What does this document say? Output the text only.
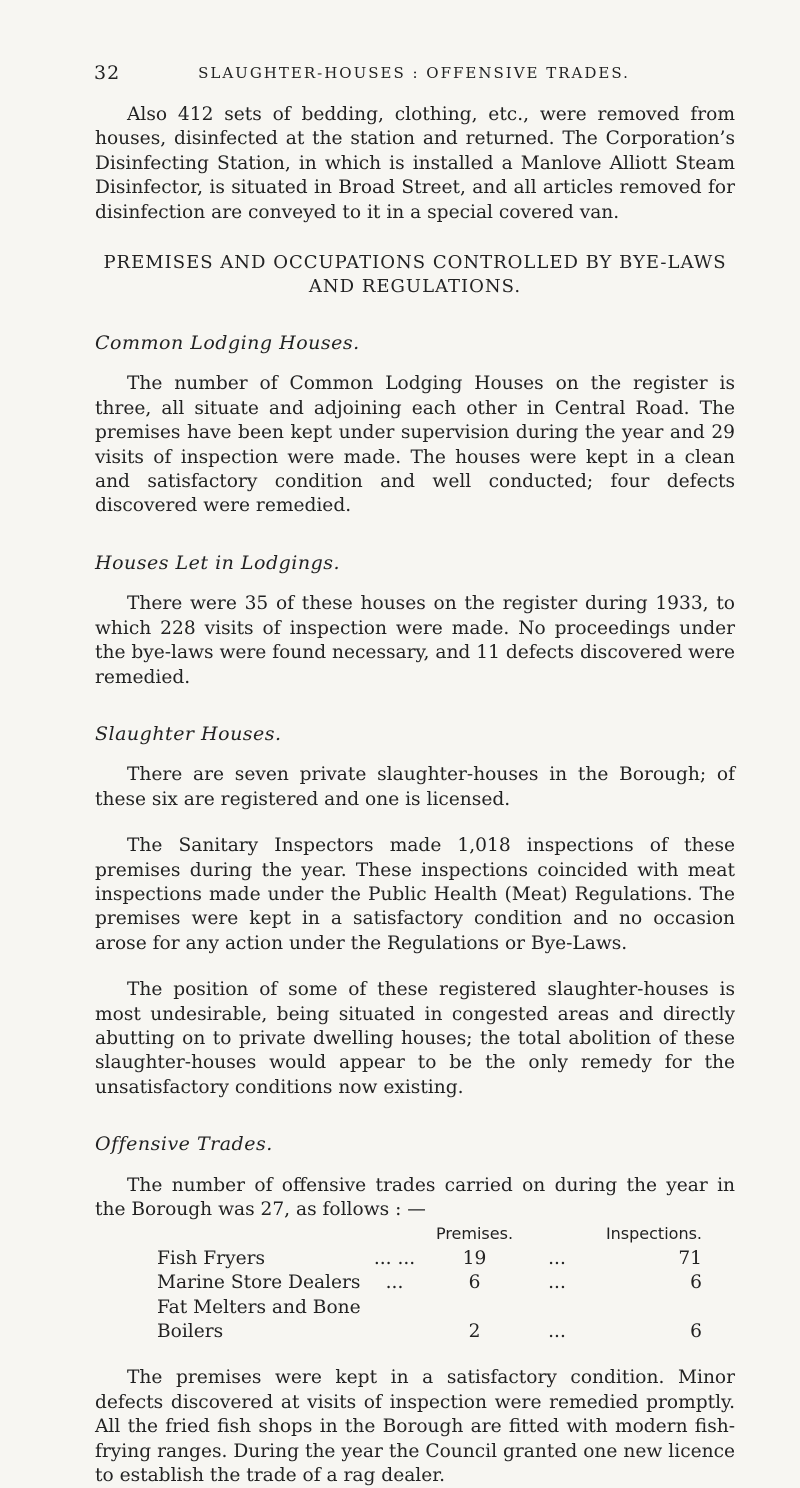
32	SLAUGHTER-HOUSES : OFFENSIVE TRADES.

Also 412 sets of bedding, clothing, etc., were removed from houses, disinfected at the station and returned. The Corporation’s Disinfecting Station, in which is installed a Manlove Alliott Steam Disinfector, is situated in Broad Street, and all articles removed for disinfection are conveyed to it in a special covered van.

PREMISES AND OCCUPATIONS CONTROLLED BY BYE-LAWS
AND REGULATIONS.
Common Lodging Houses.

The number of Common Lodging Houses on the register is three, all situate and adjoining each other in Central Road. The premises have been kept under supervision during the year and 29 visits of inspection were made. The houses were kept in a clean and satisfactory condition and well conducted; four defects discovered were remedied.

Houses Let in Lodgings.

There were 35 of these houses on the register during 1933, to which 228 visits of inspection were made. No proceedings under the bye-laws were found necessary, and 11 defects discovered were remedied.

Slaughter Houses.

There are seven private slaughter-houses in the Borough; of these six are registered and one is licensed.

The Sanitary Inspectors made 1,018 inspections of these premises during the year. These inspections coincided with meat inspections made under the Public Health (Meat) Regulations. The premises were kept in a satisfactory condition and no occasion arose for any action under the Regulations or Bye-Laws.

The position of some of these registered slaughter-houses is most undesirable, being situated in congested areas and directly abutting on to private dwelling houses; the total abolition of these slaughter-houses would appear to be the only remedy for the unsatisfactory conditions now existing.

Offensive Trades.

The number of offensive trades carried on during the year in the Borough was 27, as follows : —

		Premises.		Inspections.
Fish Fryers	... ...	19	...	71
Marine Store Dealers	...	6	...	6
Fat Melters and Bone Boilers		2	...	6

The premises were kept in a satisfactory condition. Minor defects discovered at visits of inspection were remedied promptly. All the fried fish shops in the Borough are fitted with modern fish-frying ranges. During the year the Council granted one new licence to establish the trade of a rag dealer.
